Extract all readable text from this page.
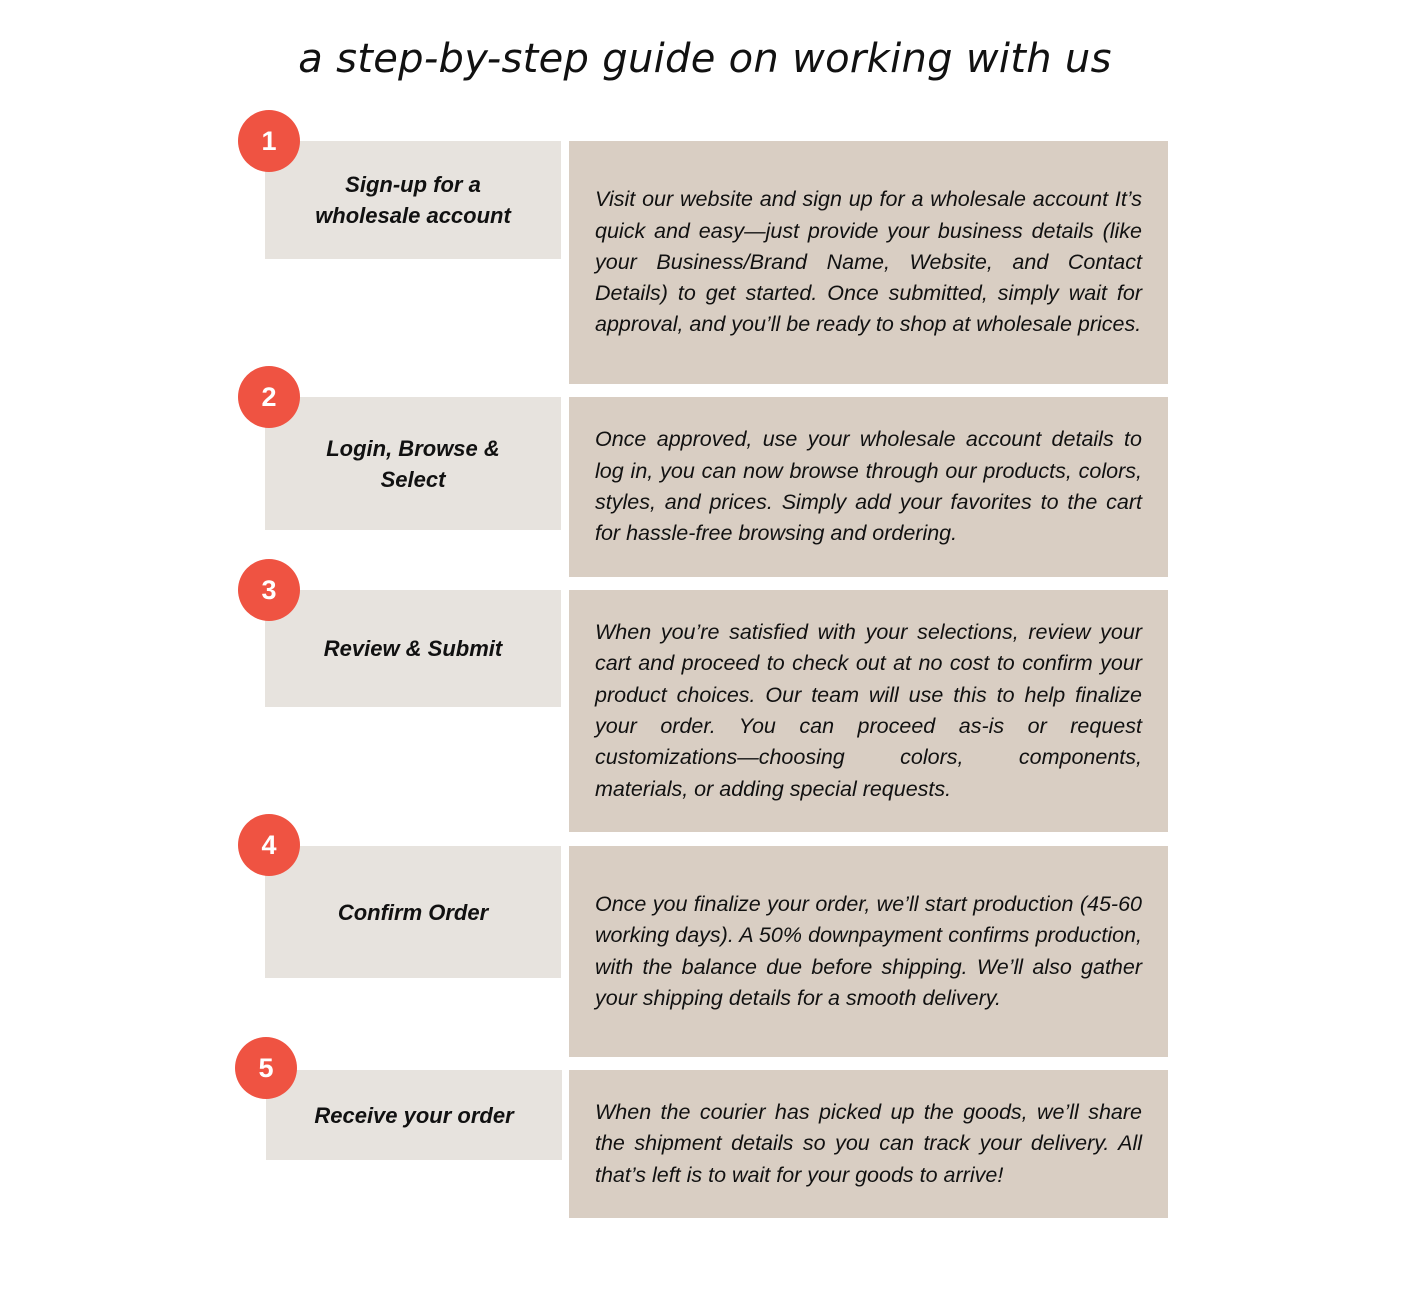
a step-by-step guide on working with us
Sign-up for a wholesale account

Visit our website and sign up for a wholesale account It’s quick and easy—just provide your business details (like your Business/Brand Name, Website, and Contact Details) to get started. Once submitted, simply wait for approval, and you’ll be ready to shop at wholesale prices.

1
Login, Browse & Select

Once approved, use your wholesale account details to log in, you can now browse through our products, colors, styles, and prices. Simply add your favorites to the cart for hassle-free browsing and ordering.

2
Review & Submit

When you’re satisfied with your selections, review your cart and proceed to check out at no cost to confirm your product choices. Our team will use this to help finalize your order. You can proceed as-is or request customizations—choosing colors, components, materials, or adding special requests.

3
Confirm Order	Once you finalize your order, we’ll start production (45-60 working days). A 50% downpayment confirms production, with the balance due before shipping. We’ll also gather your shipping details for a smooth delivery.

4
Receive your order	When the courier has picked up the goods, we’ll share the shipment details so you can track your delivery. All that’s left is to wait for your goods to arrive!

5
